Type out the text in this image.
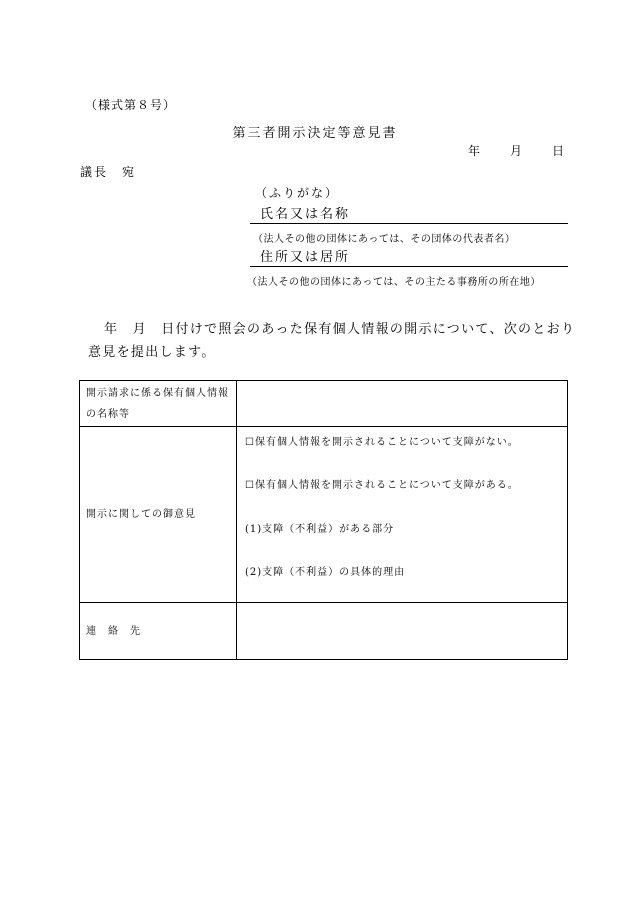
（様式第８号）
第三者開示決定等意見書
年 月 日
議長　宛
（ふりがな）
氏名又は名称
（法人その他の団体にあっては、その団体の代表者名）
住所又は居所
（法人その他の団体にあっては、その主たる事務所の所在地）
年　月　日付けで照会のあった保有個人情報の開示について、次のとおり
意見を提出します。
開示請求に係る保有個人情報の名称等	
開示に関しての御意見	☐保有個人情報を開示されることについて支障がない。
☐保有個人情報を開示されることについて支障がある。
(1)支障（不利益）がある部分
(2)支障（不利益）の具体的理由

連　絡　先	
